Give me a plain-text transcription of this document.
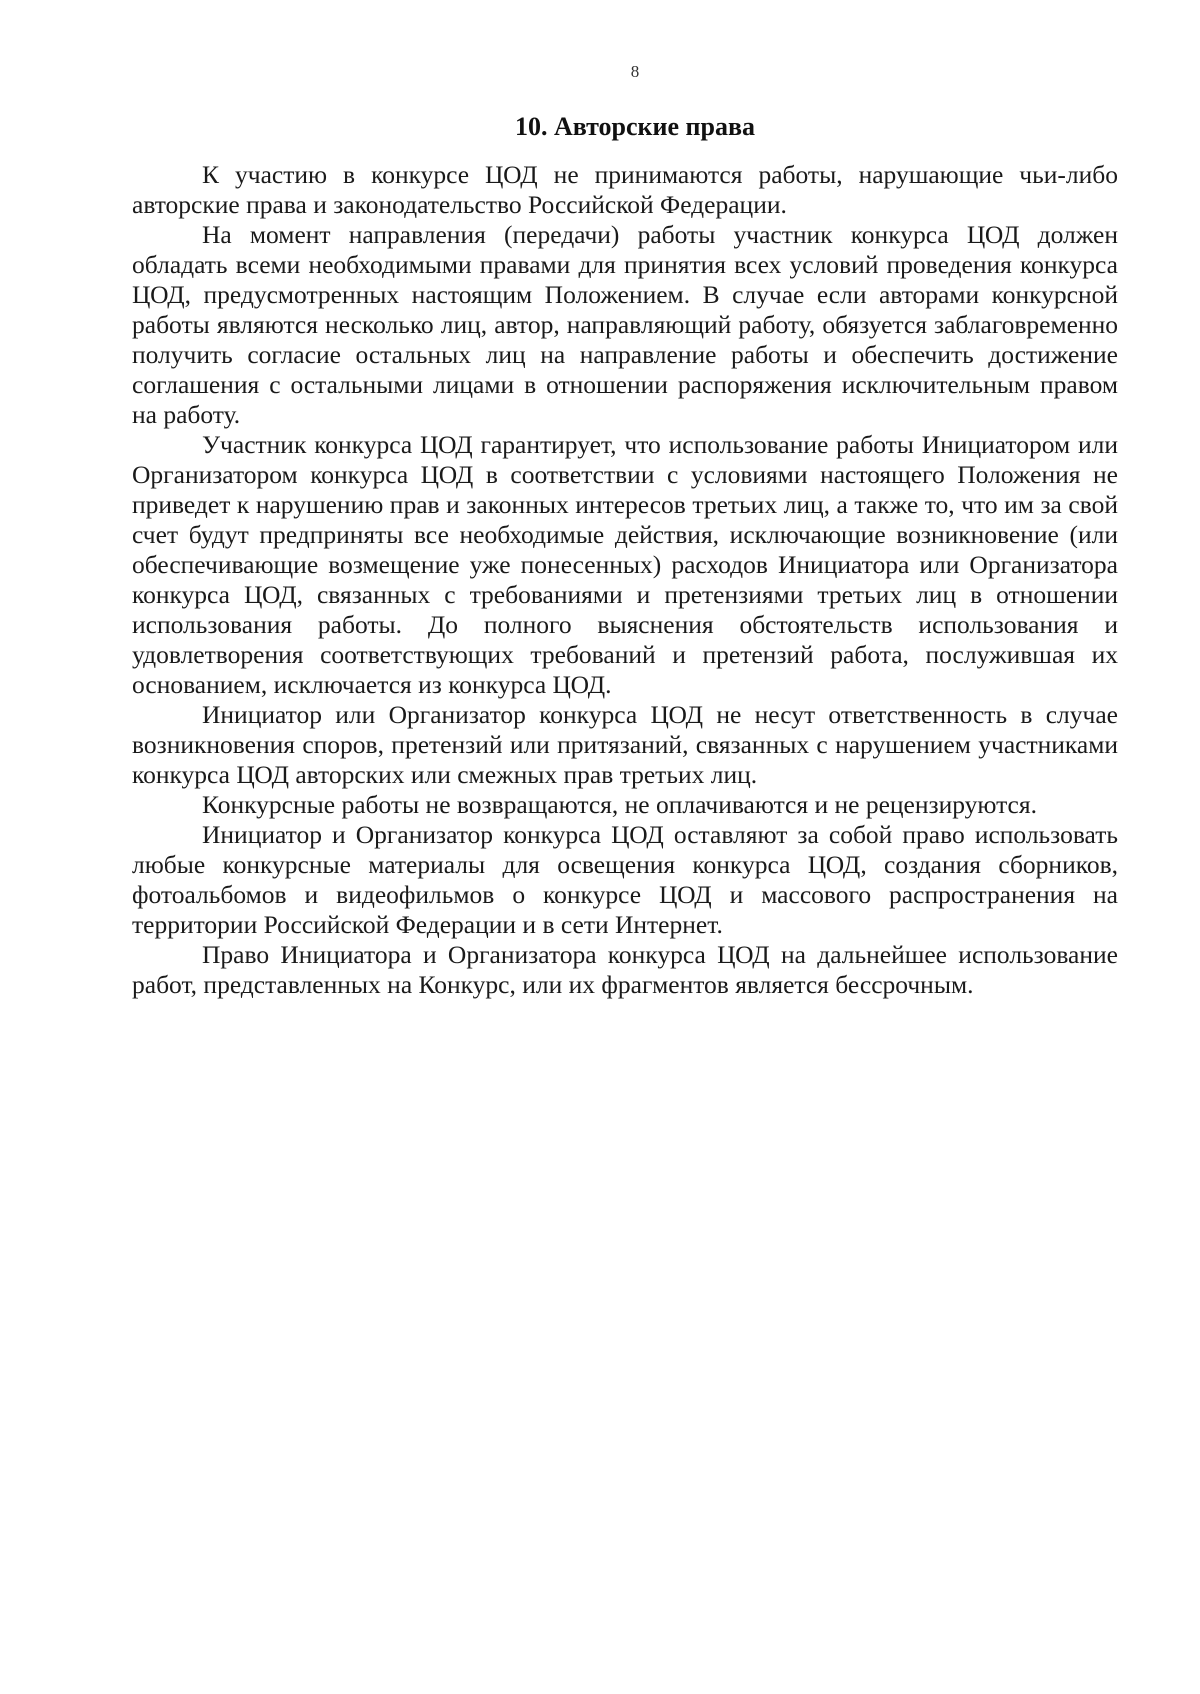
8
10. Авторские права

К участию в конкурсе ЦОД не принимаются работы, нарушающие чьи-либо авторские права и законодательство Российской Федерации.

На момент направления (передачи) работы участник конкурса ЦОД должен обладать всеми необходимыми правами для принятия всех условий проведения конкурса ЦОД, предусмотренных настоящим Положением. В случае если авторами конкурсной работы являются несколько лиц, автор, направляющий работу, обязуется заблаговременно получить согласие остальных лиц на направление работы и обеспечить достижение соглашения с остальными лицами в отношении распоряжения исключительным правом на работу.

Участник конкурса ЦОД гарантирует, что использование работы Инициатором или Организатором конкурса ЦОД в соответствии с условиями настоящего Положения не приведет к нарушению прав и законных интересов третьих лиц, а также то, что им за свой счет будут предприняты все необходимые действия, исключающие возникновение (или обеспечивающие возмещение уже понесенных) расходов Инициатора или Организатора конкурса ЦОД, связанных с требованиями и претензиями третьих лиц в отношении использования работы. До полного выяснения обстоятельств использования и удовлетворения соответствующих требований и претензий работа, послужившая их основанием, исключается из конкурса ЦОД.

Инициатор или Организатор конкурса ЦОД не несут ответственность в случае возникновения споров, претензий или притязаний, связанных с нарушением участниками конкурса ЦОД авторских или смежных прав третьих лиц.

Конкурсные работы не возвращаются, не оплачиваются и не рецензируются.

Инициатор и Организатор конкурса ЦОД оставляют за собой право использовать любые конкурсные материалы для освещения конкурса ЦОД, создания сборников, фотоальбомов и видеофильмов о конкурсе ЦОД и массового распространения на территории Российской Федерации и в сети Интернет.

Право Инициатора и Организатора конкурса ЦОД на дальнейшее использование работ, представленных на Конкурс, или их фрагментов является бессрочным.
